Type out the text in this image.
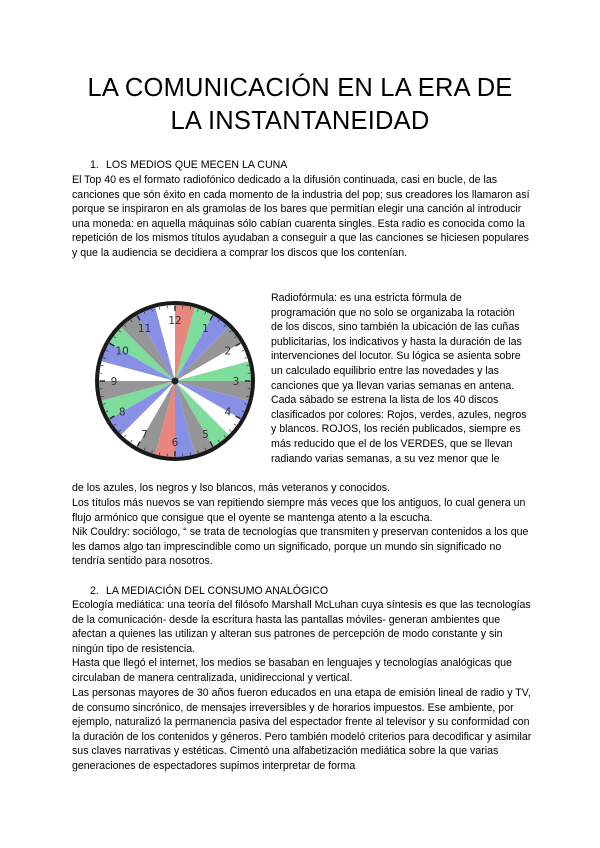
LA COMUNICACIÓN EN LA ERA DE
LA INSTANTANEIDAD

1. LOS MEDIOS QUE MECEN LA CUNA

El Top 40 es el formato radiofónico dedicado a la difusión continuada, casi en bucle, de las canciones que són éxito en cada momento de la industria del pop; sus creadores los llamaron así porque se inspiraron en als gramolas de los bares que permitían elegir una canción al introducir una moneda: en aquella máquinas sólo cabían cuarenta singles. Esta radio es conocida como la repetición de los mismos títulos ayudaban a conseguir a que las canciones se hiciesen populares y que la audiencia se decidiera a comprar los discos que los contenían.

12
1
2
3
4
5
6
7
8
9
10
11

Radiofórmula: es una estricta fórmula de programación que no solo se organizaba la rotación de los discos, sino también la ubicación de las cuñas publicitarias, los indicativos y hasta la duración de las intervenciones del locutor. Su lógica se asienta sobre un calculado equilibrio entre las novedades y las canciones que ya llevan varias semanas en antena. Cada sábado se estrena la lista de los 40 discos clasificados por colores: Rojos, verdes, azules, negros y blancos. ROJOS, los recién publicados, siempre es más reducido que el de los VERDES, que se llevan radiando varias semanas, a su vez menor que le

de los azules, los negros y lso blancos, más veteranos y conocidos.

Los títulos más nuevos se van repitiendo siempre más veces que los antiguos, lo cual genera un flujo armónico que consigue que el oyente se mantenga atento a la escucha.

Nik Couldry: sociólogo, “ se trata de tecnologías que transmiten y preservan contenidos a los que les damos algo tan imprescindible como un significado, porque un mundo sin significado no tendría sentido para nosotros.

2. LA MEDIACIÓN DEL CONSUMO ANALÓGICO

Ecología mediática: una teoría del filósofo Marshall McLuhan cuya síntesis es que las tecnologías de la comunicación- desde la escritura hasta las pantallas móviles- generan ambientes que afectan a quienes las utilizan y alteran sus patrones de percepción de modo constante y sin ningún tipo de resistencia.

Hasta que llegó el internet, los medios se basaban en lenguajes y tecnologías analógicas que circulaban de manera centralizada, unidireccional y vertical.

Las personas mayores de 30 años fueron educados en una etapa de emisión lineal de radio y TV, de consumo sincrónico, de mensajes irreversibles y de horarios impuestos. Ese ambiente, por ejemplo, naturalizó la permanencia pasiva del espectador frente al televisor y su conformidad con la duración de los contenidos y géneros. Pero también modeló criterios para decodificar y asimilar sus claves narrativas y estéticas. Cimentó una alfabetización mediática sobre la que varias generaciones de espectadores supimos interpretar de forma
